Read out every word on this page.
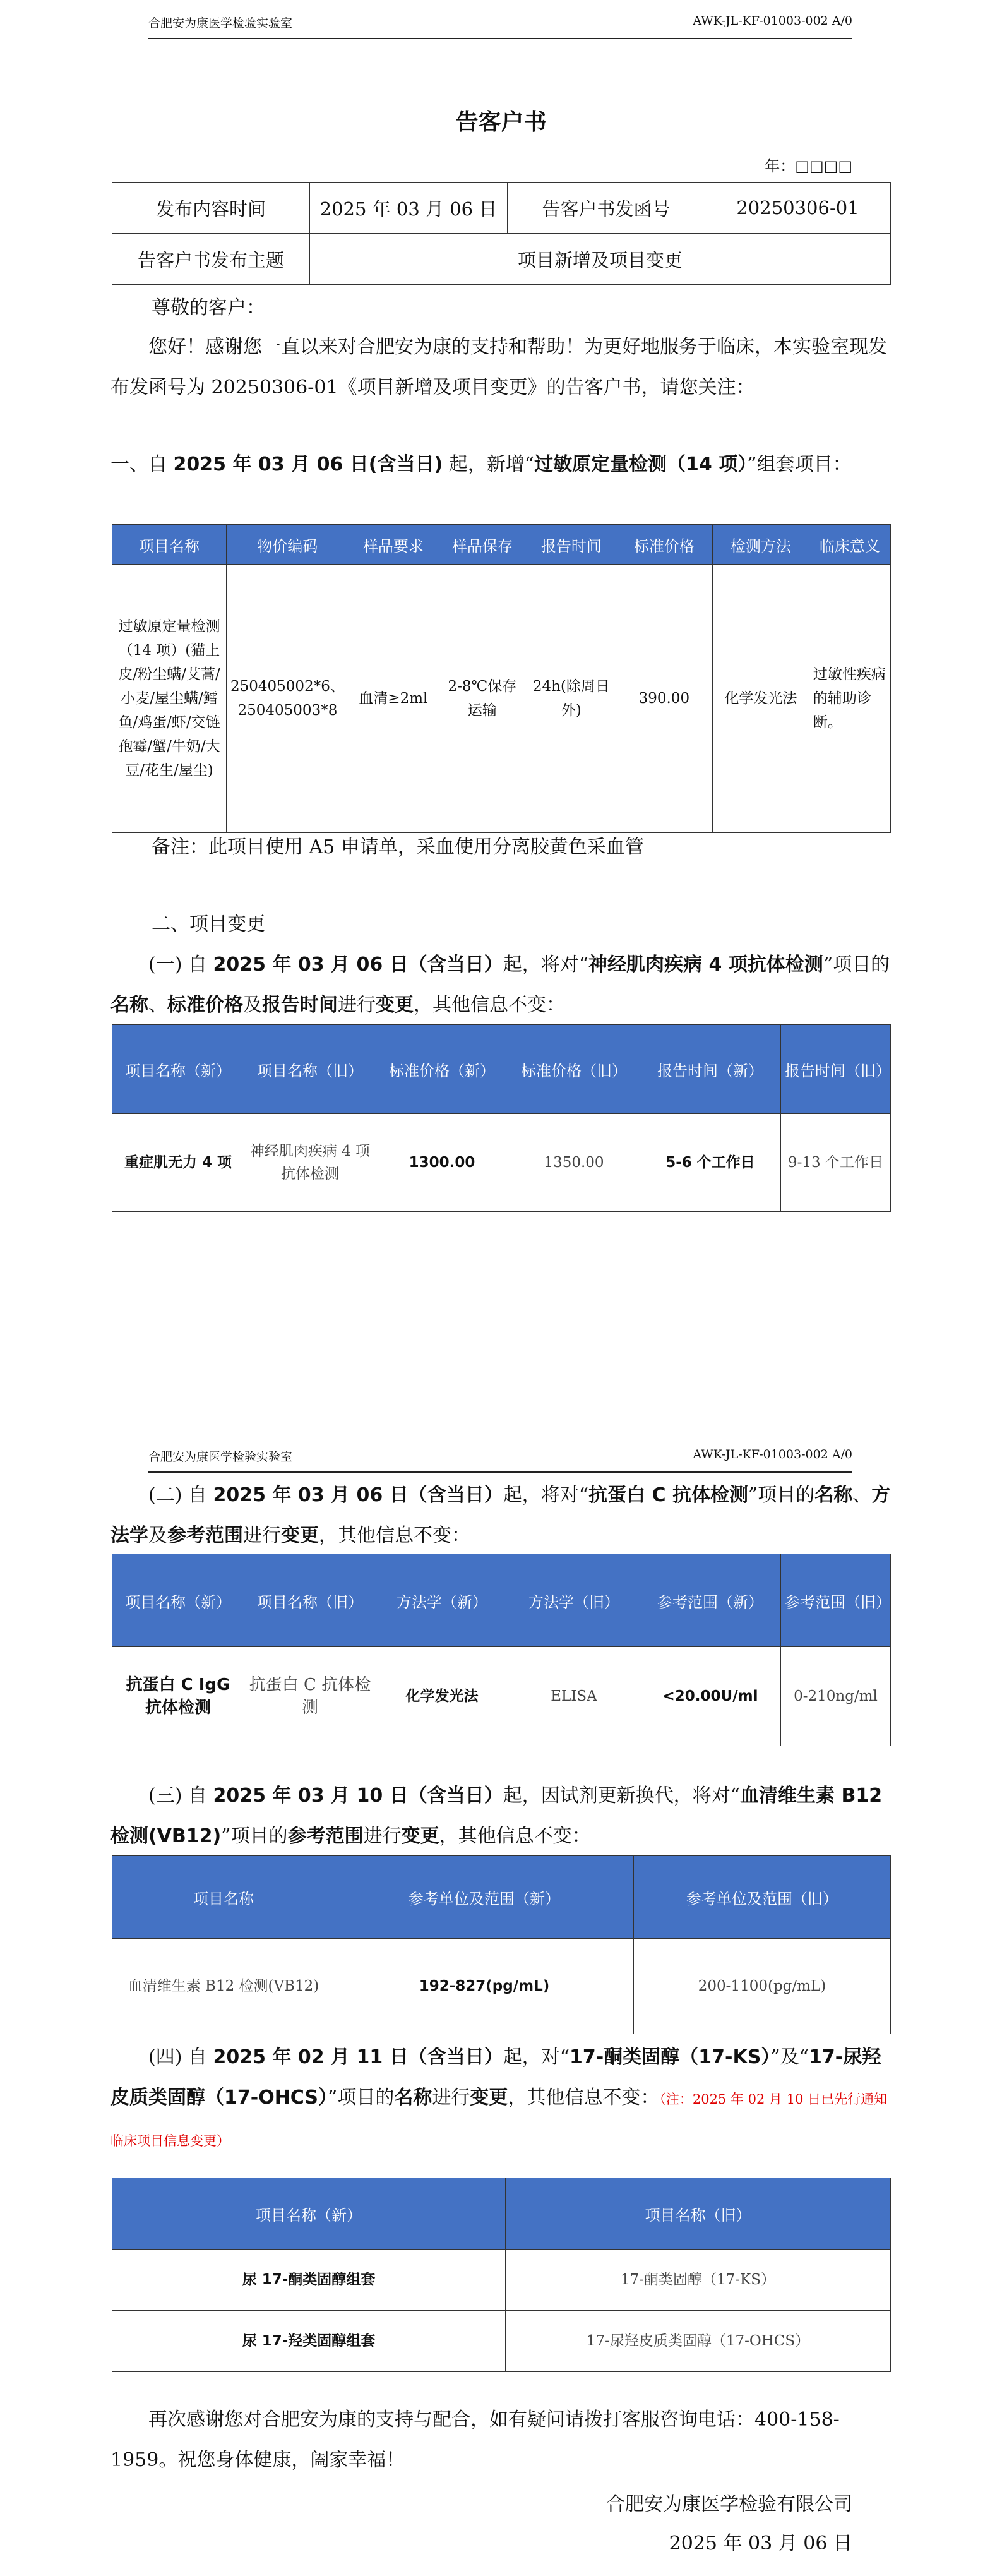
合肥安为康医学检验实验室	AWK-JL-KF-01003-002 A/0
告客户书
年：□□□□
发布内容时间	2025 年 03 月 06 日	告客户书发函号	20250306-01
告客户书发布主题	项目新增及项目变更		
尊敬的客户：
您好！感谢您一直以来对合肥安为康的支持和帮助！为更好地服务于临床，本实验室现发布发函号为 20250306-01《项目新增及项目变更》的告客户书，请您关注：
一、自 2025 年 03 月 06 日(含当日) 起，新增“过敏原定量检测（14 项）”组套项目：
项目名称	物价编码	样品要求	样品保存	报告时间	标准价格	检测方法	临床意义
过敏原定量检测（14 项）(猫上皮/粉尘螨/艾蒿/小麦/屋尘螨/鳕鱼/鸡蛋/虾/交链孢霉/蟹/牛奶/大豆/花生/屋尘)	250405002*6、250405003*8	血清≥2ml	2-8℃保存运输	24h(除周日外)	390.00	化学发光法	过敏性疾病的辅助诊断。
备注：此项目使用 A5 申请单，采血使用分离胶黄色采血管
二、项目变更
(一) 自 2025 年 03 月 06 日（含当日）起，将对“神经肌肉疾病 4 项抗体检测”项目的名称、标准价格及报告时间进行变更，其他信息不变：
项目名称（新）	项目名称（旧）	标准价格（新）	标准价格（旧）	报告时间（新）	报告时间（旧）
重症肌无力 4 项	神经肌肉疾病 4 项抗体检测	1300.00	1350.00	5-6 个工作日	9-13 个工作日
合肥安为康医学检验实验室	AWK-JL-KF-01003-002 A/0
(二) 自 2025 年 03 月 06 日（含当日）起，将对“抗蛋白 C 抗体检测”项目的名称、方法学及参考范围进行变更，其他信息不变：
项目名称（新）	项目名称（旧）	方法学（新）	方法学（旧）	参考范围（新）	参考范围（旧）
抗蛋白 C IgG 抗体检测	抗蛋白 C 抗体检测	化学发光法	ELISA	<20.00U/ml	0-210ng/ml
(三) 自 2025 年 03 月 10 日（含当日）起，因试剂更新换代，将对“血清维生素 B12 检测(VB12)”项目的参考范围进行变更，其他信息不变：
项目名称	参考单位及范围（新）	参考单位及范围（旧）
血清维生素 B12 检测(VB12)	192-827(pg/mL)	200-1100(pg/mL)
(四) 自 2025 年 02 月 11 日（含当日）起，对“17-酮类固醇（17-KS）”及“17-尿羟皮质类固醇（17-OHCS）”项目的名称进行变更，其他信息不变：（注：2025 年 02 月 10 日已先行通知临床项目信息变更）
项目名称（新）	项目名称（旧）
尿 17-酮类固醇组套	17-酮类固醇（17-KS）
尿 17-羟类固醇组套	17-尿羟皮质类固醇（17-OHCS）
再次感谢您对合肥安为康的支持与配合，如有疑问请拨打客服咨询电话：400-158-1959。祝您身体健康，阖家幸福！
合肥安为康医学检验有限公司
2025 年 03 月 06 日
